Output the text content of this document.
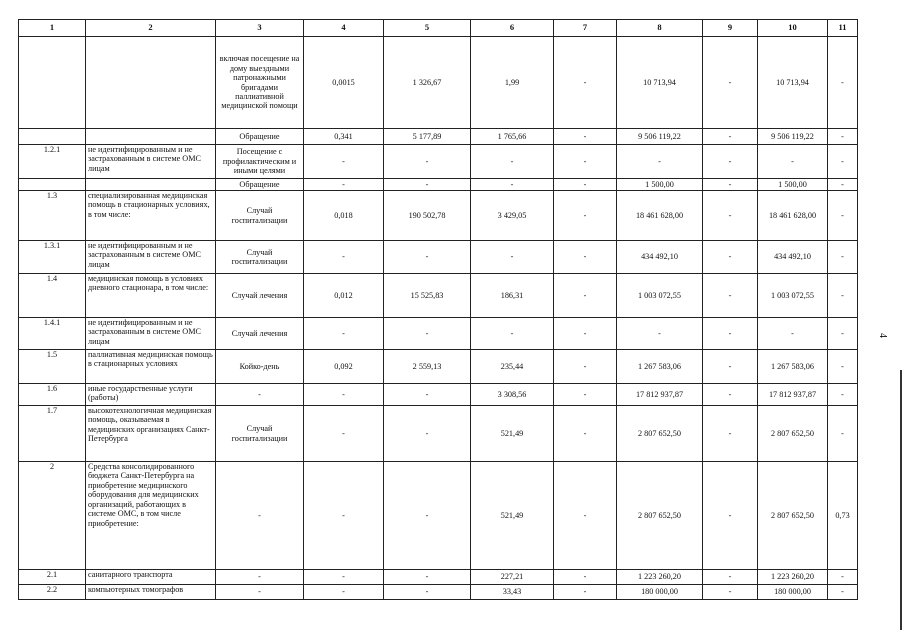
1	2	3	4	5	6	7	8	9	10	11
		включая посещение на дому выездными патронажными бригадами паллиативной медицинской помощи	0,0015	1 326,67	1,99	-	10 713,94	-	10 713,94	-
		Обращение	0,341	5 177,89	1 765,66	-	9 506 119,22	-	9 506 119,22	-
1.2.1	не идентифицированным и не застрахованным в системе ОМС лицам	Посещение с профилактическим и иными целями	-	-	-	-	-	-	-	-
		Обращение	-	-	-	-	1 500,00	-	1 500,00	-
1.3	специализированная медицинская помощь в стационарных условиях, в том числе:	Случай госпитализации	0,018	190 502,78	3 429,05	-	18 461 628,00	-	18 461 628,00	-
1.3.1	не идентифицированным и не застрахованным в системе ОМС лицам	Случай госпитализации	-	-	-	-	434 492,10	-	434 492,10	-
1.4	медицинская помощь в условиях дневного стационара, в том числе:	Случай лечения	0,012	15 525,83	186,31	-	1 003 072,55	-	1 003 072,55	-
1.4.1	не идентифицированным и не застрахованным в системе ОМС лицам	Случай лечения	-	-	-	-	-	-	-	-
1.5	паллиативная медицинская помощь в стационарных условиях	Койко-день	0,092	2 559,13	235,44	-	1 267 583,06	-	1 267 583,06	-
1.6	иные государственные услуги (работы)	-	-	-	3 308,56	-	17 812 937,87	-	17 812 937,87	-
1.7	высокотехнологичная медицинская помощь, оказываемая в медицинских организациях Санкт-Петербурга	Случай госпитализации	-	-	521,49	-	2 807 652,50	-	2 807 652,50	-
2	Средства консолидированного бюджета Санкт-Петербурга на приобретение медицинского оборудования для медицинских организаций, работающих в системе ОМС, в том числе приобретение:	-	-	-	521,49	-	2 807 652,50	-	2 807 652,50	0,73
2.1	санитарного транспорта	-	-	-	227,21	-	1 223 260,20	-	1 223 260,20	-
2.2	компьютерных томографов	-	-	-	33,43	-	180 000,00	-	180 000,00	-
4
